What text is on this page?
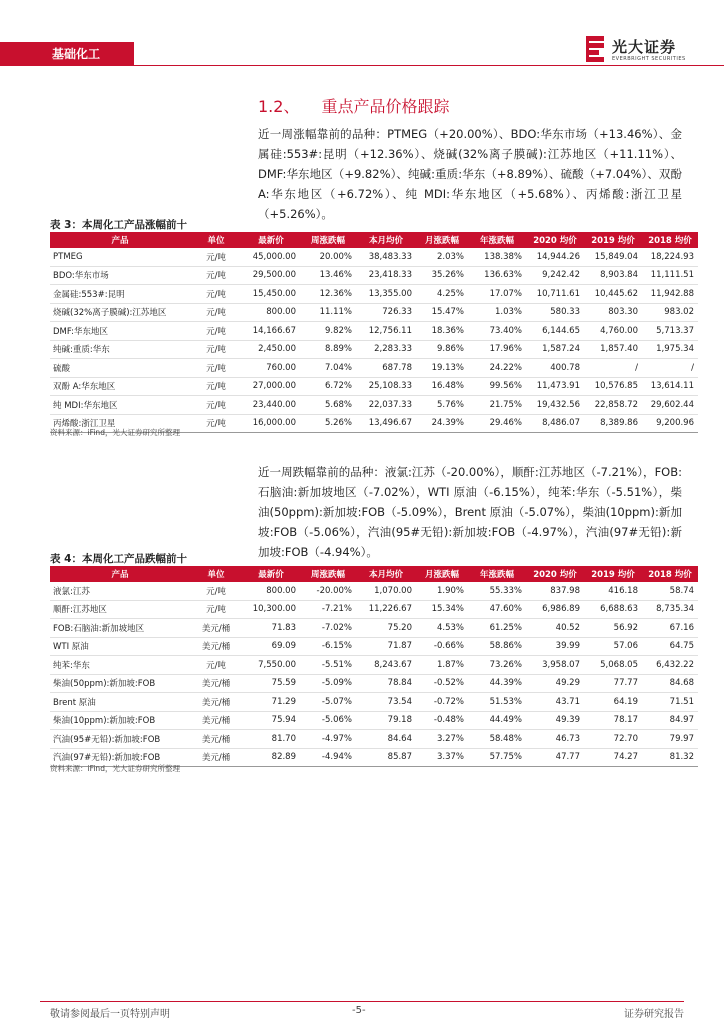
基础化工	光大证券
EVERBRIGHT SECURITIES
1.2、 重点产品价格跟踪
近一周涨幅靠前的品种：PTMEG（+20.00%）、BDO:华东市场（+13.46%）、金属硅:553#:昆明（+12.36%）、烧碱(32%离子膜碱):江苏地区（+11.11%）、DMF:华东地区（+9.82%）、纯碱:重质:华东（+8.89%）、硫酸（+7.04%）、双酚 A:华东地区（+6.72%）、纯 MDI:华东地区（+5.68%）、丙烯酸:浙江卫星（+5.26%）。
表 3：本周化工产品涨幅前十
产品	单位	最新价	周涨跌幅	本月均价	月涨跌幅	年涨跌幅	2020 均价	2019 均价	2018 均价
PTMEG	元/吨	45,000.00	20.00%	38,483.33	2.03%	138.38%	14,944.26	15,849.04	18,224.93
BDO:华东市场	元/吨	29,500.00	13.46%	23,418.33	35.26%	136.63%	9,242.42	8,903.84	11,111.51
金属硅:553#:昆明	元/吨	15,450.00	12.36%	13,355.00	4.25%	17.07%	10,711.61	10,445.62	11,942.88
烧碱(32%离子膜碱):江苏地区	元/吨	800.00	11.11%	726.33	15.47%	1.03%	580.33	803.30	983.02
DMF:华东地区	元/吨	14,166.67	9.82%	12,756.11	18.36%	73.40%	6,144.65	4,760.00	5,713.37
纯碱:重质:华东	元/吨	2,450.00	8.89%	2,283.33	9.86%	17.96%	1,587.24	1,857.40	1,975.34
硫酸	元/吨	760.00	7.04%	687.78	19.13%	24.22%	400.78	/	/
双酚 A:华东地区	元/吨	27,000.00	6.72%	25,108.33	16.48%	99.56%	11,473.91	10,576.85	13,614.11
纯 MDI:华东地区	元/吨	23,440.00	5.68%	22,037.33	5.76%	21.75%	19,432.56	22,858.72	29,602.44
丙烯酸:浙江卫星	元/吨	16,000.00	5.26%	13,496.67	24.39%	29.46%	8,486.07	8,389.86	9,200.96
资料来源：iFind，光大证券研究所整理
近一周跌幅靠前的品种：液氯:江苏（-20.00%），顺酐:江苏地区（-7.21%），FOB:石脑油:新加坡地区（-7.02%），WTI 原油（-6.15%），纯苯:华东（-5.51%），柴油(50ppm):新加坡:FOB（-5.09%），Brent 原油（-5.07%），柴油(10ppm):新加坡:FOB（-5.06%），汽油(95#无铅):新加坡:FOB（-4.97%），汽油(97#无铅):新加坡:FOB（-4.94%）。
表 4：本周化工产品跌幅前十
产品	单位	最新价	周涨跌幅	本月均价	月涨跌幅	年涨跌幅	2020 均价	2019 均价	2018 均价
液氯:江苏	元/吨	800.00	-20.00%	1,070.00	1.90%	55.33%	837.98	416.18	58.74
顺酐:江苏地区	元/吨	10,300.00	-7.21%	11,226.67	15.34%	47.60%	6,986.89	6,688.63	8,735.34
FOB:石脑油:新加坡地区	美元/桶	71.83	-7.02%	75.20	4.53%	61.25%	40.52	56.92	67.16
WTI 原油	美元/桶	69.09	-6.15%	71.87	-0.66%	58.86%	39.99	57.06	64.75
纯苯:华东	元/吨	7,550.00	-5.51%	8,243.67	1.87%	73.26%	3,958.07	5,068.05	6,432.22
柴油(50ppm):新加坡:FOB	美元/桶	75.59	-5.09%	78.84	-0.52%	44.39%	49.29	77.77	84.68
Brent 原油	美元/桶	71.29	-5.07%	73.54	-0.72%	51.53%	43.71	64.19	71.51
柴油(10ppm):新加坡:FOB	美元/桶	75.94	-5.06%	79.18	-0.48%	44.49%	49.39	78.17	84.97
汽油(95#无铅):新加坡:FOB	美元/桶	81.70	-4.97%	84.64	3.27%	58.48%	46.73	72.70	79.97
汽油(97#无铅):新加坡:FOB	美元/桶	82.89	-4.94%	85.87	3.37%	57.75%	47.77	74.27	81.32
资料来源：iFind，光大证券研究所整理
敬请参阅最后一页特别声明	-5-	证券研究报告
